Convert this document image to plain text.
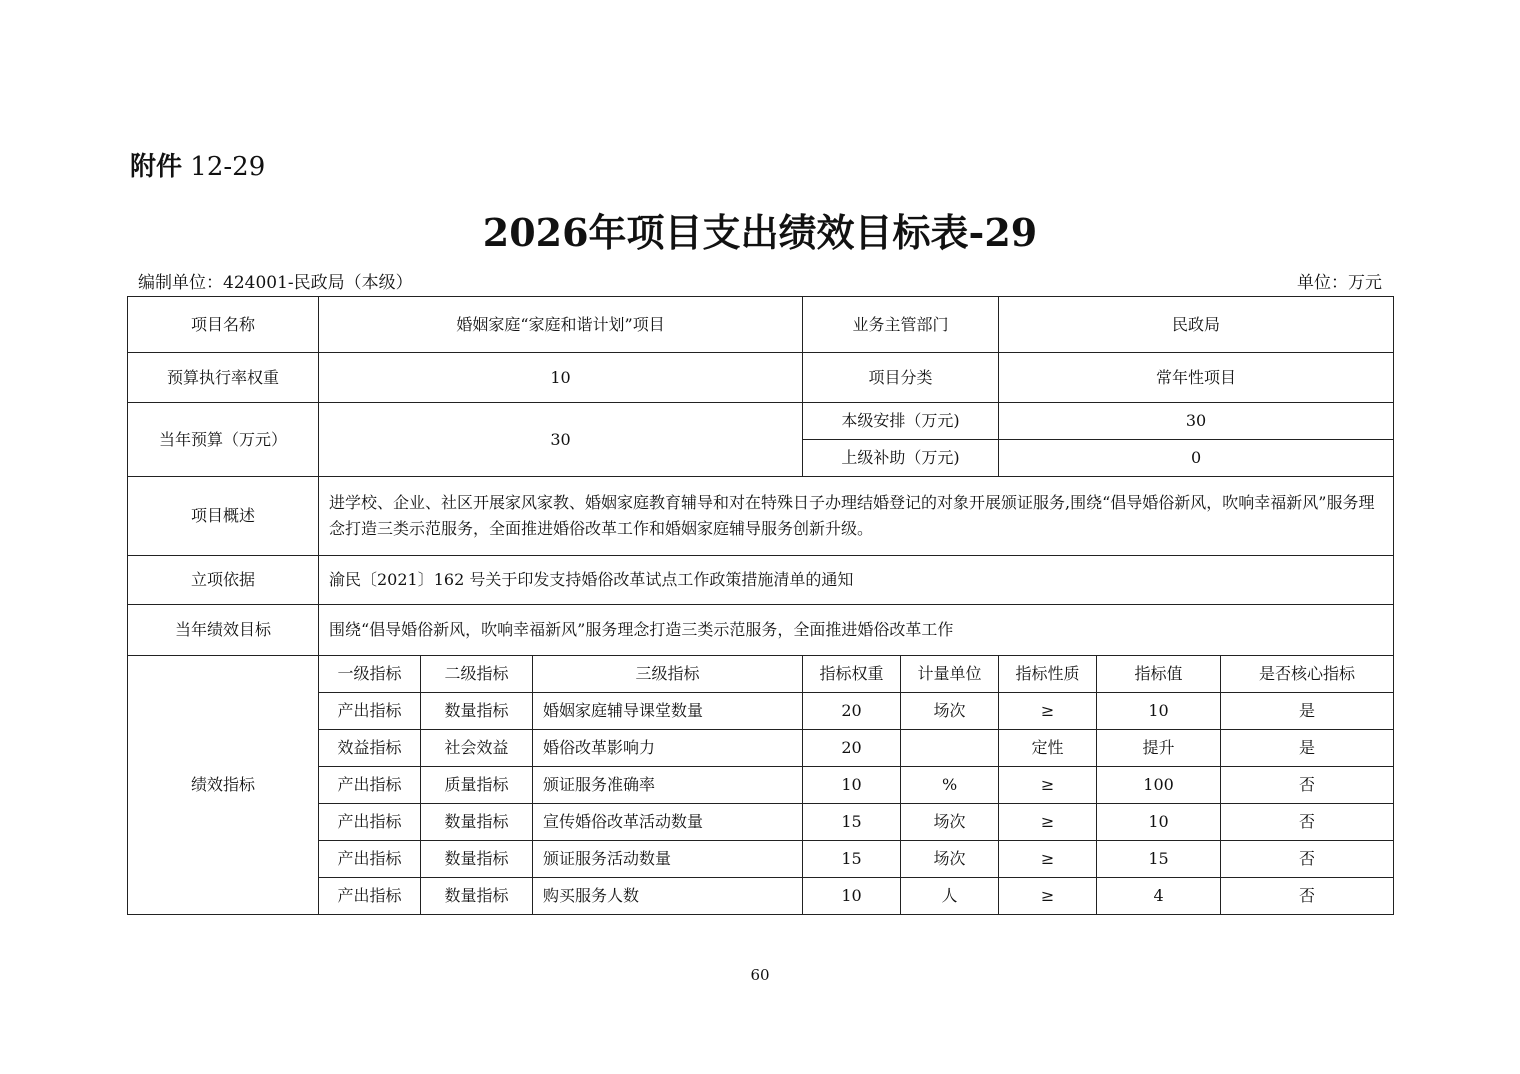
附件 12-29
2026年项目支出绩效目标表-29
编制单位：424001-民政局（本级）	单位：万元
项目名称	婚姻家庭“家庭和谐计划”项目			业务主管部门		民政局		
预算执行率权重	10			项目分类		常年性项目		
当年预算（万元）	30			本级安排（万元)		30		
				上级补助（万元)		0		
项目概述	进学校、企业、社区开展家风家教、婚姻家庭教育辅导和对在特殊日子办理结婚登记的对象开展颁证服务,围绕“倡导婚俗新风，吹响幸福新风”服务理念打造三类示范服务，全面推进婚俗改革工作和婚姻家庭辅导服务创新升级。							
立项依据	渝民〔2021〕162 号关于印发支持婚俗改革试点工作政策措施清单的通知							
当年绩效目标	围绕“倡导婚俗新风，吹响幸福新风”服务理念打造三类示范服务，全面推进婚俗改革工作							
绩效指标	一级指标	二级指标	三级指标	指标权重	计量单位	指标性质	指标值	是否核心指标
	产出指标	数量指标	婚姻家庭辅导课堂数量	20	场次	≥	10	是
	效益指标	社会效益	婚俗改革影响力	20		定性	提升	是
	产出指标	质量指标	颁证服务准确率	10	%	≥	100	否
	产出指标	数量指标	宣传婚俗改革活动数量	15	场次	≥	10	否
	产出指标	数量指标	颁证服务活动数量	15	场次	≥	15	否
	产出指标	数量指标	购买服务人数	10	人	≥	4	否
60
